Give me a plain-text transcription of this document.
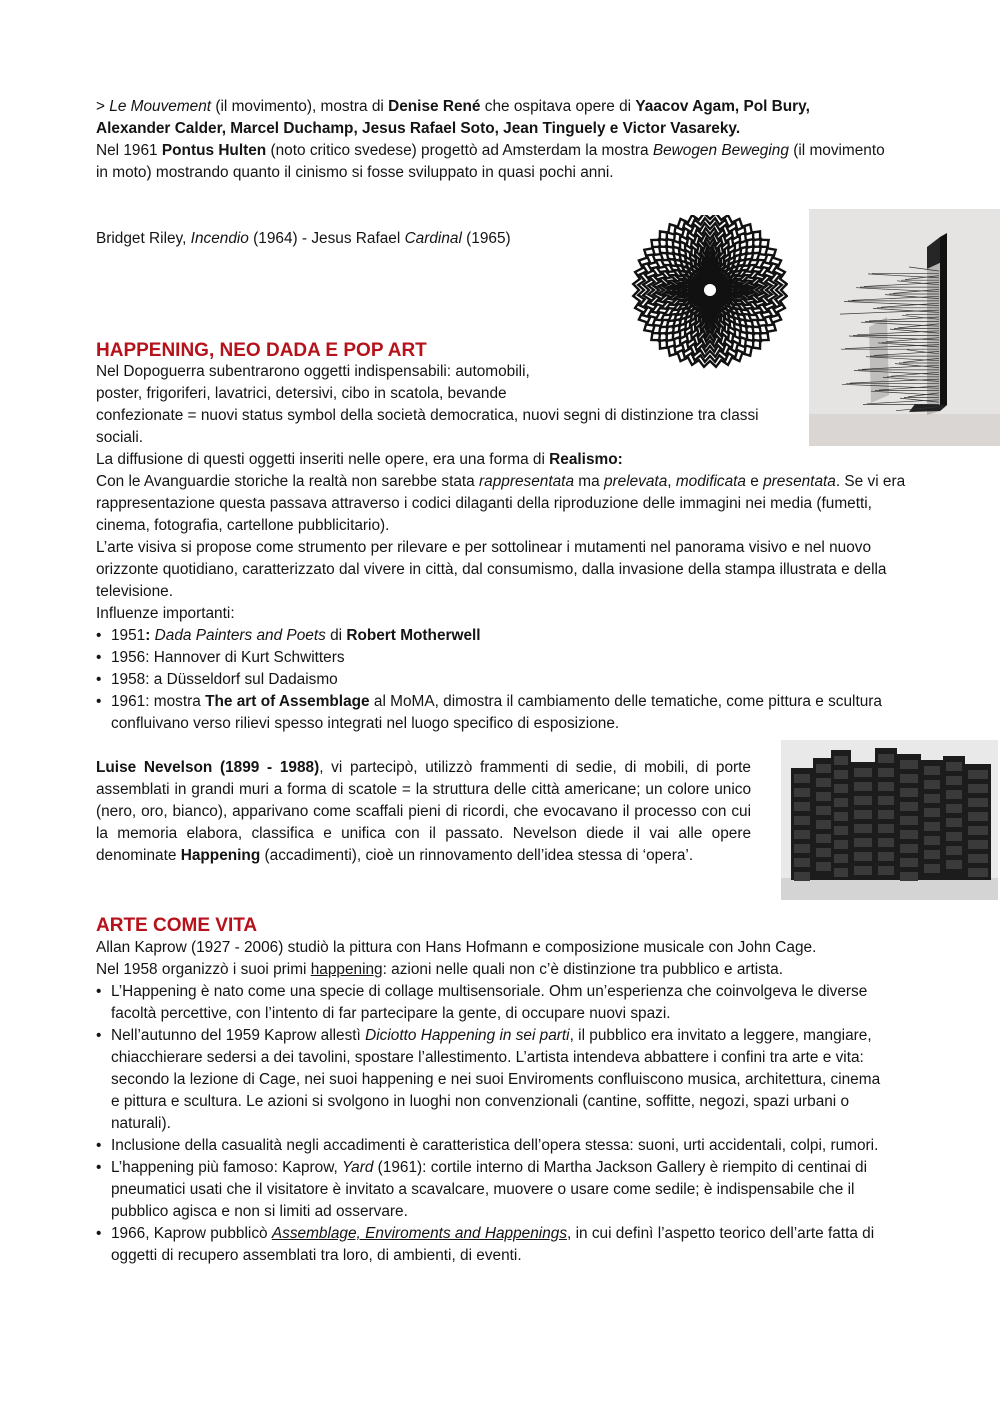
> Le Mouvement (il movimento), mostra di Denise René che ospitava opere di Yaacov Agam, Pol Bury,

Alexander Calder, Marcel Duchamp, Jesus Rafael Soto, Jean Tinguely e Victor Vasareky.

Nel 1961 Pontus Hulten (noto critico svedese) progettò ad Amsterdam la mostra Bewogen Beweging (il movimento in moto) mostrando quanto il cinismo si fosse sviluppato in quasi pochi anni.

Bridget Riley, Incendio (1964) - Jesus Rafael Cardinal (1965)

HAPPENING, NEO DADA E POP ART

Nel Dopoguerra subentrarono oggetti indispensabili: automobili,

poster, frigoriferi, lavatrici, detersivi, cibo in scatola, bevande

confezionate = nuovi status symbol della società democratica, nuovi segni di distinzione tra classi sociali.

La diffusione di questi oggetti inseriti nelle opere, era una forma di Realismo:

Con le Avanguardie storiche la realtà non sarebbe stata rappresentata ma prelevata, modificata e presentata. Se vi era rappresentazione questa passava attraverso i codici dilaganti della riproduzione delle immagini nei media (fumetti, cinema, fotografia, cartellone pubblicitario).

L’arte visiva si propose come strumento per rilevare e per sottolinear i mutamenti nel panorama visivo e nel nuovo orizzonte quotidiano, caratterizzato dal vivere in città, dal consumismo, dalla invasione della stampa illustrata e della televisione.

Influenze importanti:

• 1951: Dada Painters and Poets di Robert Motherwell
• 1956: Hannover di Kurt Schwitters
• 1958: a Düsseldorf sul Dadaismo
• 1961: mostra The art of Assemblage al MoMA, dimostra il cambiamento delle tematiche, come pittura e scultura confluivano verso rilievi spesso integrati nel luogo specifico di esposizione.

Luise Nevelson (1899 - 1988), vi partecipò, utilizzò frammenti di sedie, di mobili, di porte assemblati in grandi muri a forma di scatole = la struttura delle città americane; un colore unico (nero, oro, bianco), apparivano come scaffali pieni di ricordi, che evocavano il processo con cui la memoria elabora, classifica e unifica con il passato. Nevelson diede il vai alle opere denominate Happening (accadimenti), cioè un rinnovamento dell’idea stessa di ‘opera’.

ARTE COME VITA

Allan Kaprow (1927 - 2006) studiò la pittura con Hans Hofmann e composizione musicale con John Cage.

Nel 1958 organizzò i suoi primi happening: azioni nelle quali non c’è distinzione tra pubblico e artista.

• L’Happening è nato come una specie di collage multisensoriale. Ohm un’esperienza che coinvolgeva le diverse facoltà percettive, con l’intento di far partecipare la gente, di occupare nuovi spazi.
• Nell’autunno del 1959 Kaprow allestì Diciotto Happening in sei parti, il pubblico era invitato a leggere, mangiare, chiacchierare sedersi a dei tavolini, spostare l’allestimento. L’artista intendeva abbattere i confini tra arte e vita: secondo la lezione di Cage, nei suoi happening e nei suoi Enviroments confluiscono musica, architettura, cinema e pittura e scultura. Le azioni si svolgono in luoghi non convenzionali (cantine, soffitte, negozi, spazi urbani o naturali).
• Inclusione della casualità negli accadimenti è caratteristica dell’opera stessa: suoni, urti accidentali, colpi, rumori.
• L’happening più famoso: Kaprow, Yard (1961): cortile interno di Martha Jackson Gallery è riempito di centinai di pneumatici usati che il visitatore è invitato a scavalcare, muovere o usare come sedile; è indispensabile che il pubblico agisca e non si limiti ad osservare.
• 1966, Kaprow pubblicò Assemblage, Enviroments and Happenings, in cui definì l’aspetto teorico dell’arte fatta di oggetti di recupero assemblati tra loro, di ambienti, di eventi.
